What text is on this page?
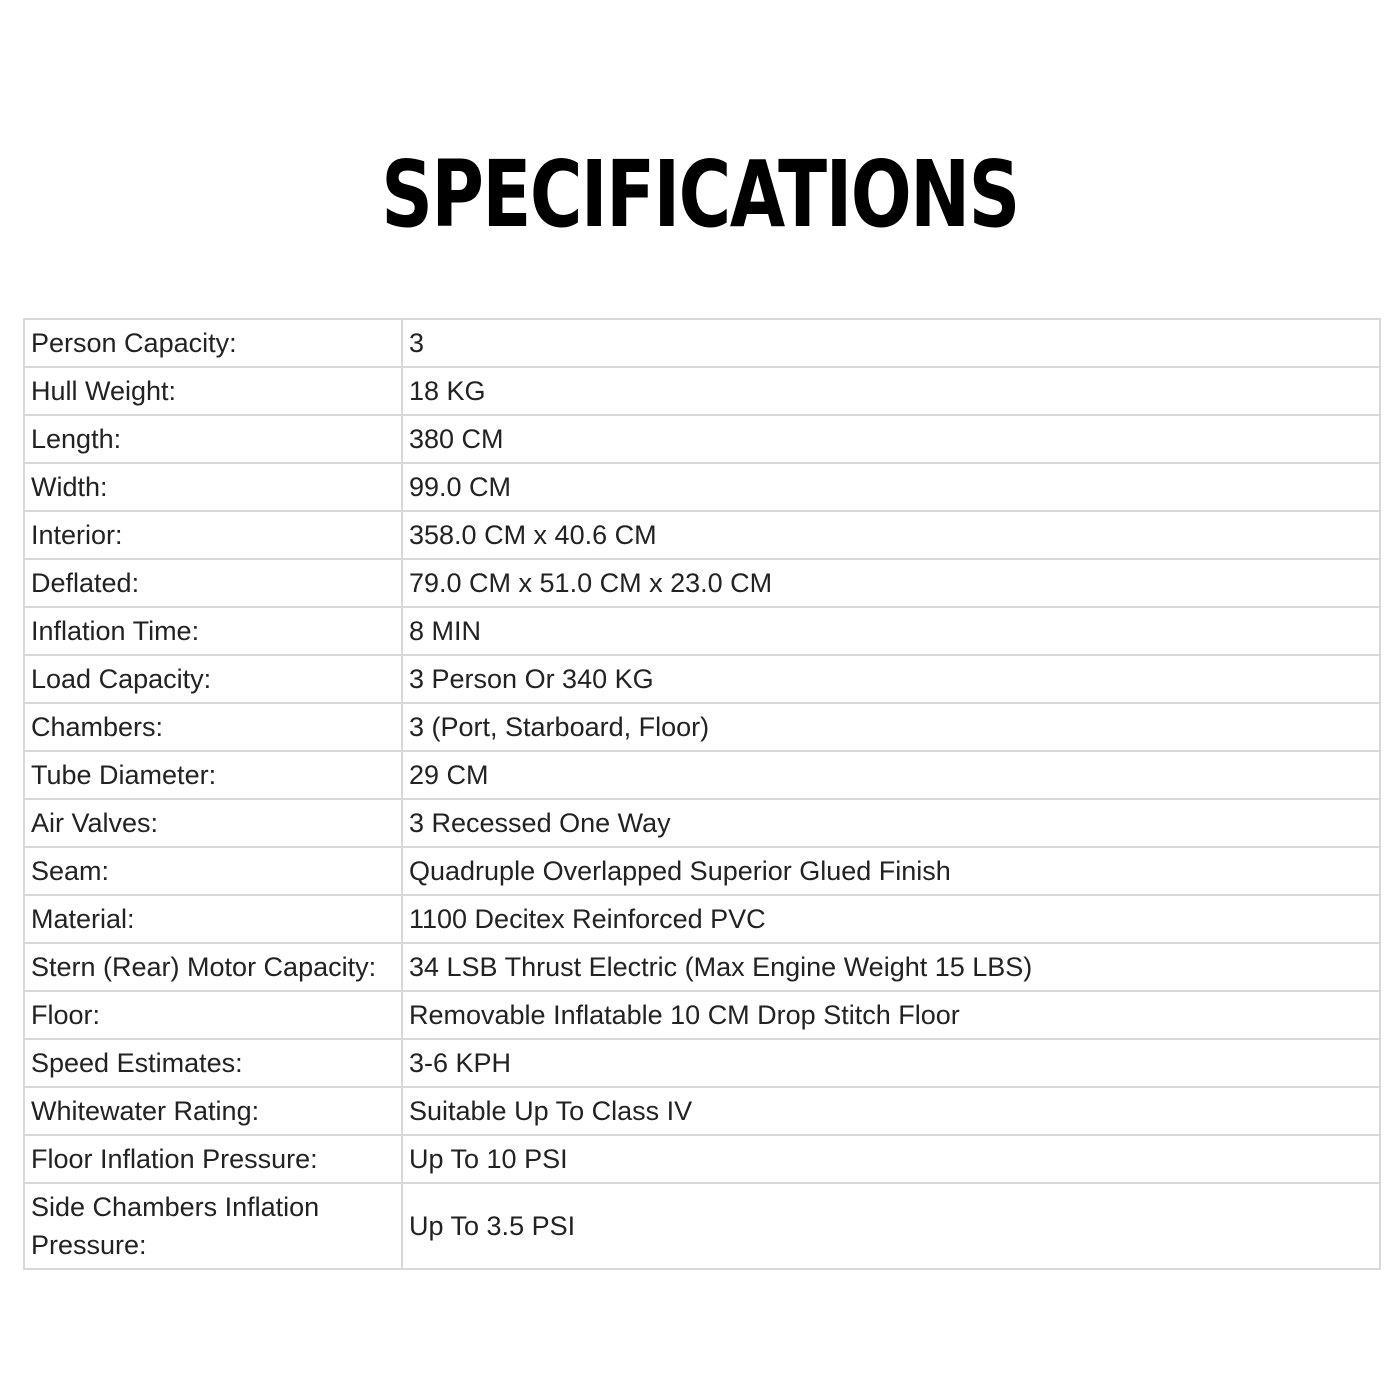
SPECIFICATIONS
Person Capacity:	3
Hull Weight:	18 KG
Length:	380 CM
Width:	99.0 CM
Interior:	358.0 CM x 40.6 CM
Deflated:	79.0 CM x 51.0 CM x 23.0 CM
Inflation Time:	8 MIN
Load Capacity:	3 Person Or 340 KG
Chambers:	3 (Port, Starboard, Floor)
Tube Diameter:	29 CM
Air Valves:	3 Recessed One Way
Seam:	Quadruple Overlapped Superior Glued Finish
Material:	1100 Decitex Reinforced PVC
Stern (Rear) Motor Capacity:	34 LSB Thrust Electric (Max Engine Weight 15 LBS)
Floor:	Removable Inflatable 10 CM Drop Stitch Floor
Speed Estimates:	3-6 KPH
Whitewater Rating:	Suitable Up To Class IV
Floor Inflation Pressure:	Up To 10 PSI
Side Chambers Inflation Pressure:	Up To 3.5 PSI
